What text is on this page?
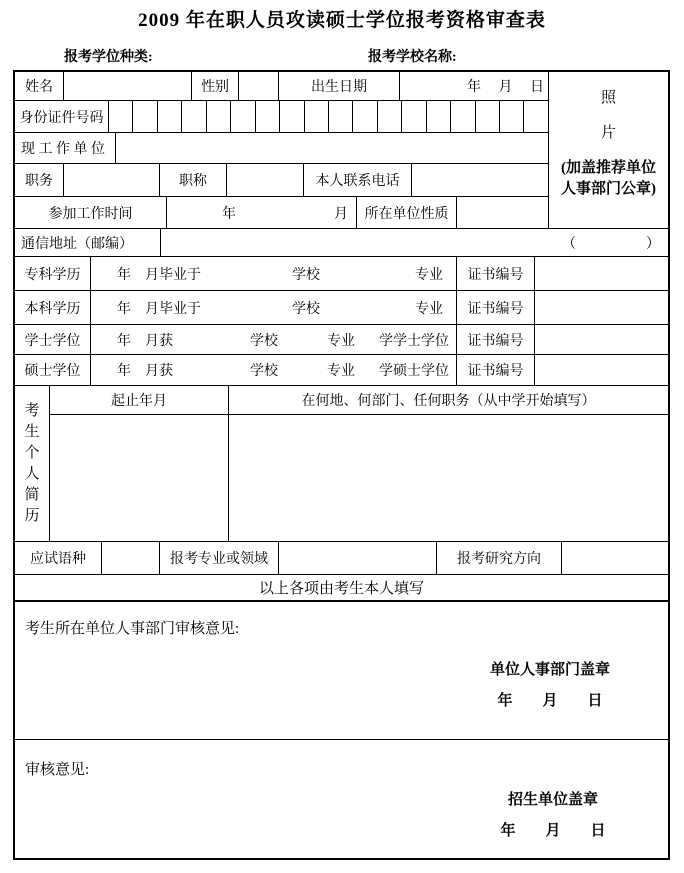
2009 年在职人员攻读硕士学位报考资格审查表
报考学位种类:	报考学校名称:
姓名	性别	出生日期	年　 月　 日
身份证件号码
现 工 作 单 位
职务	职称	本人联系电话
参加工作时间	年	月	所在单位性质
照
片
(加盖推荐单位
人事部门公章)
通信地址（邮编）	（　　　　　）
专科学历	年　月毕业于	学校	专业	证书编号
本科学历	年　月毕业于	学校	专业	证书编号
学士学位	年　月获	学校	专业 学学士学位	证书编号
硕士学位	年　月获	学校	专业 学硕士学位	证书编号
考
生
个
人
简
历
起止年月	在何地、何部门、任何职务（从中学开始填写）
应试语种	报考专业或领域	报考研究方向
以上各项由考生本人填写
考生所在单位人事部门审核意见:
单位人事部门盖章
年　　月　　日
审核意见:
招生单位盖章
年　　月　　日
